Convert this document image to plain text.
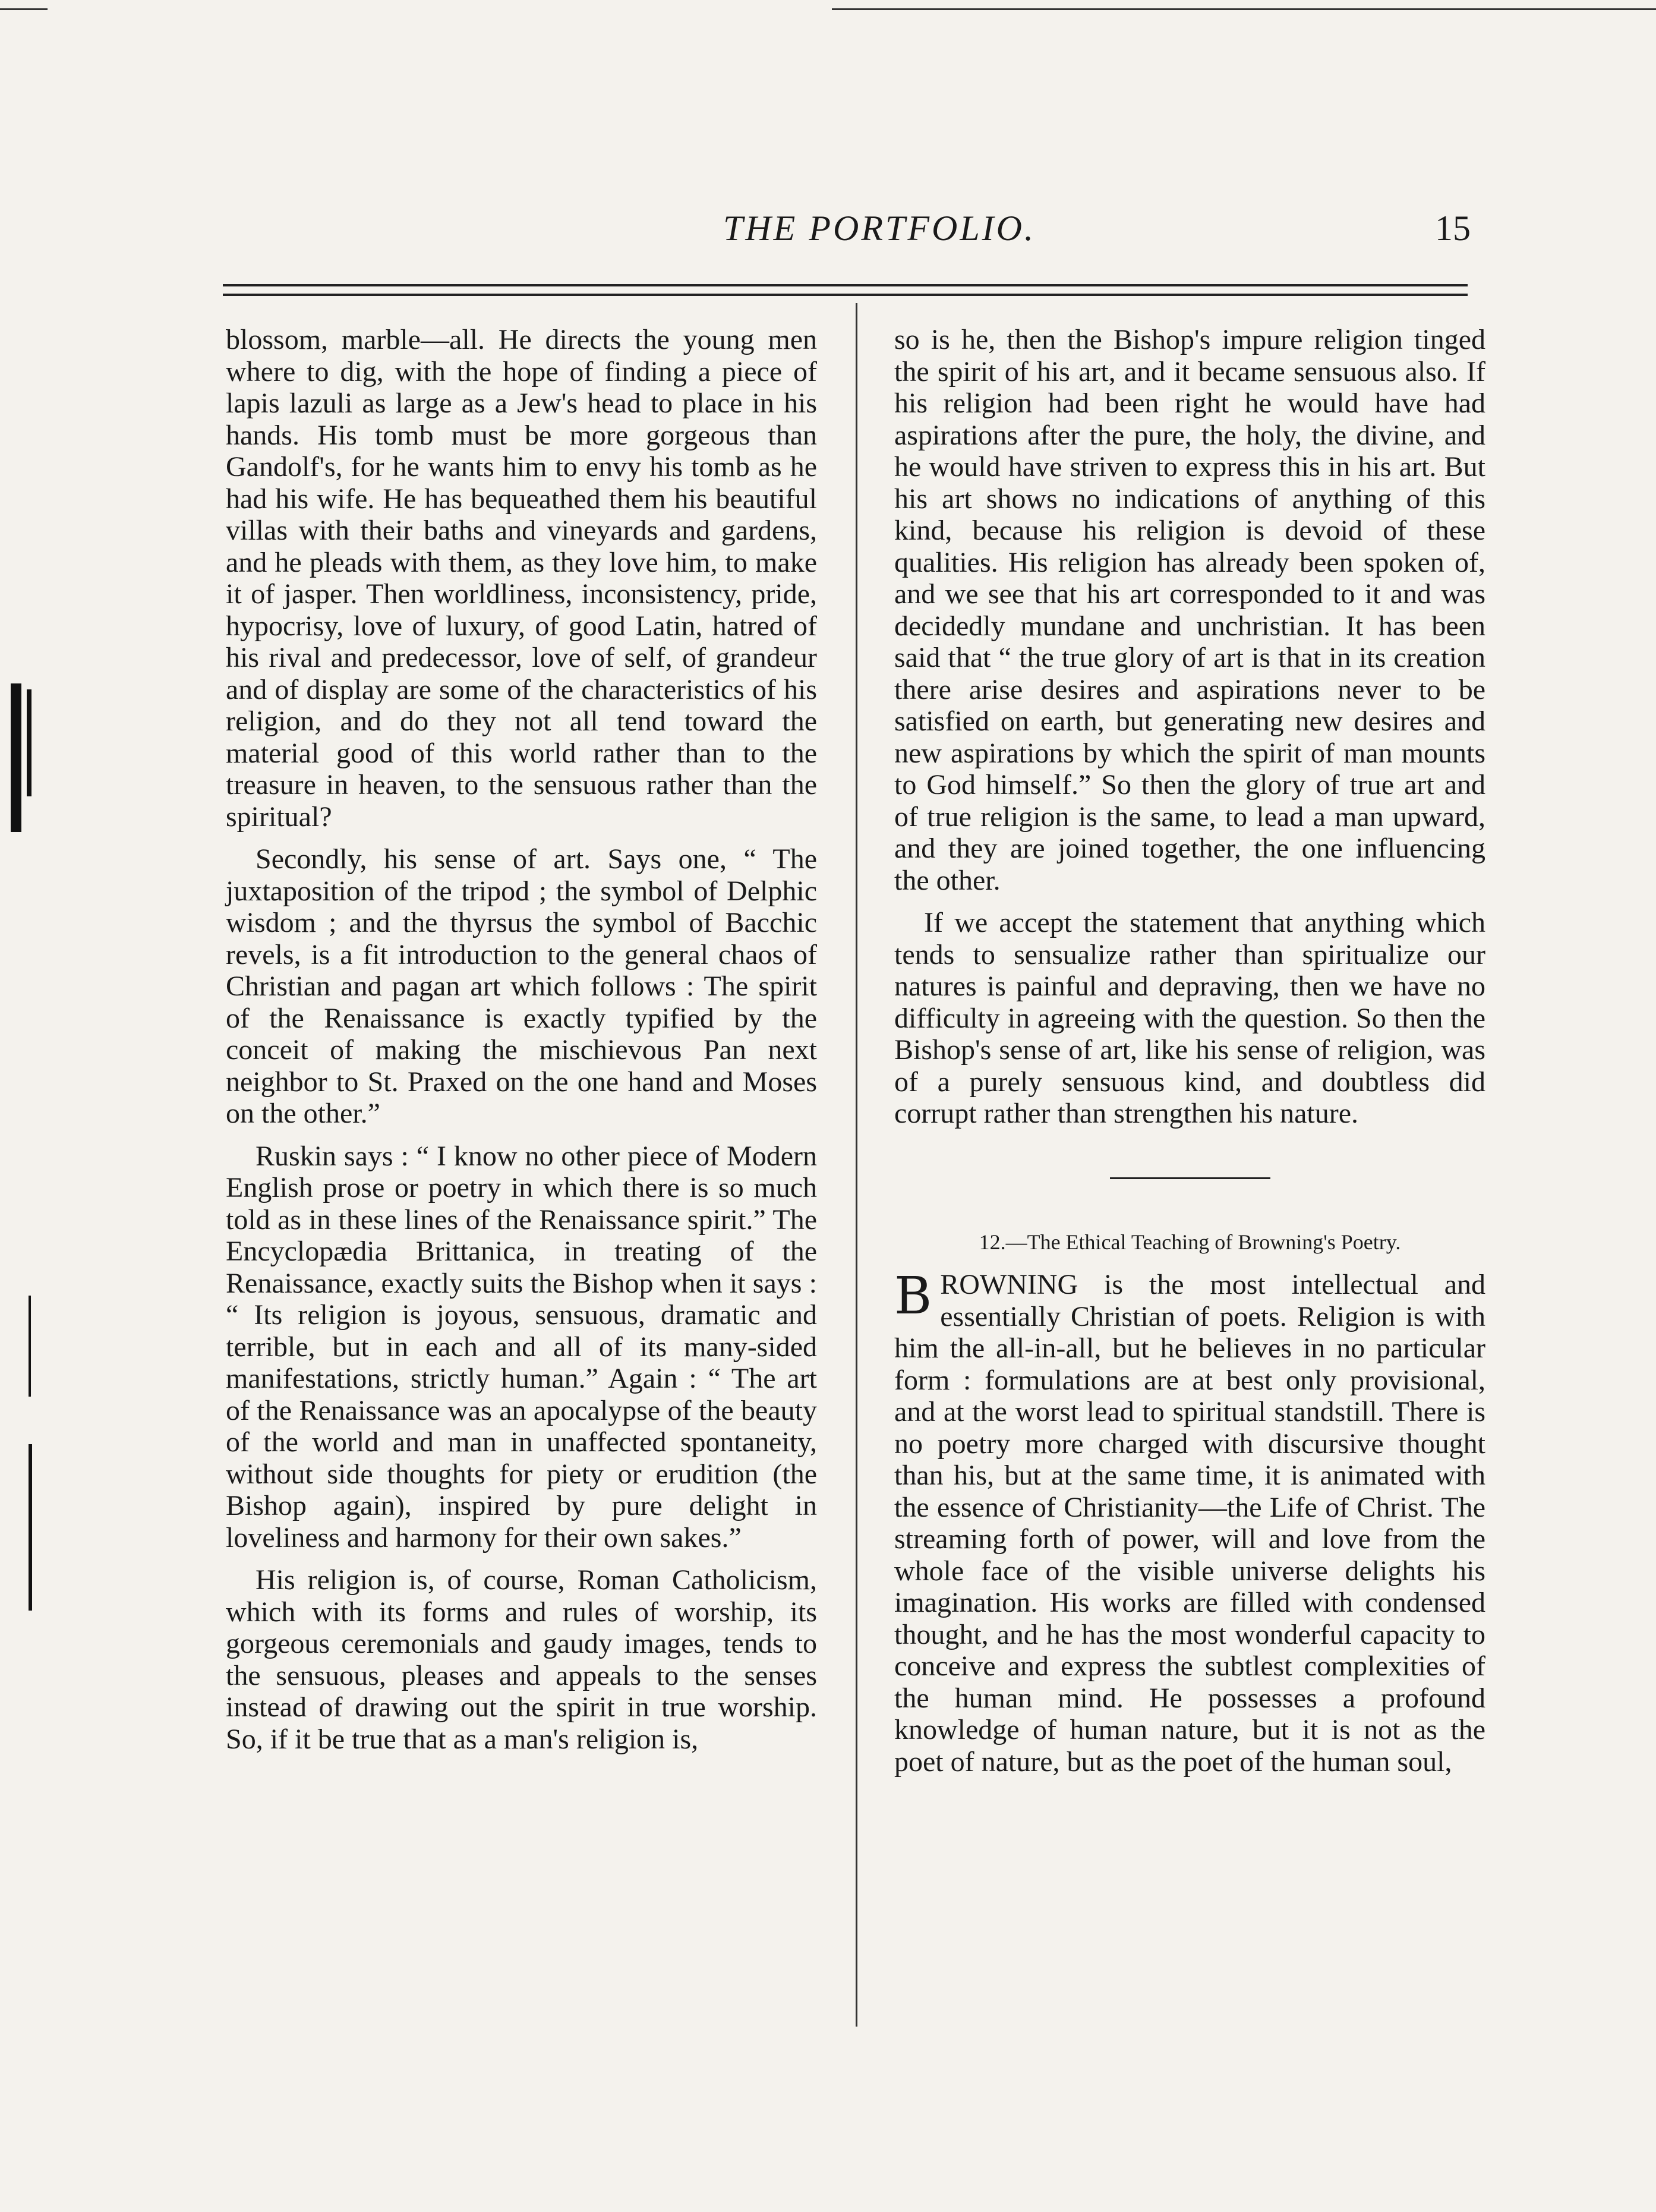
THE PORTFOLIO.	15

blossom, marble—all. He directs the young men where to dig, with the hope of finding a piece of lapis lazuli as large as a Jew's head to place in his hands. His tomb must be more gorgeous than Gandolf's, for he wants him to envy his tomb as he had his wife. He has bequeathed them his beautiful villas with their baths and vineyards and gardens, and he pleads with them, as they love him, to make it of jasper. Then worldliness, inconsistency, pride, hypocrisy, love of luxury, of good Latin, hatred of his rival and predecessor, love of self, of grandeur and of display are some of the characteristics of his religion, and do they not all tend toward the material good of this world rather than to the treasure in heaven, to the sensuous rather than the spiritual?

Secondly, his sense of art. Says one, “ The juxtaposition of the tripod ; the symbol of Delphic wisdom ; and the thyrsus the symbol of Bacchic revels, is a fit introduction to the general chaos of Christian and pagan art which follows : The spirit of the Renaissance is exactly typified by the conceit of making the mischievous Pan next neighbor to St. Praxed on the one hand and Moses on the other.”

Ruskin says : “ I know no other piece of Modern English prose or poetry in which there is so much told as in these lines of the Renaissance spirit.” The Encyclopædia Brittanica, in treating of the Renaissance, exactly suits the Bishop when it says : “ Its religion is joyous, sensuous, dramatic and terrible, but in each and all of its many-sided manifestations, strictly human.” Again : “ The art of the Renaissance was an apocalypse of the beauty of the world and man in unaffected spontaneity, without side thoughts for piety or erudition (the Bishop again), inspired by pure delight in loveliness and harmony for their own sakes.”

His religion is, of course, Roman Catholicism, which with its forms and rules of worship, its gorgeous ceremonials and gaudy images, tends to the sensuous, pleases and appeals to the senses instead of drawing out the spirit in true worship. So, if it be true that as a man's religion is,

so is he, then the Bishop's impure religion tinged the spirit of his art, and it became sensuous also. If his religion had been right he would have had aspirations after the pure, the holy, the divine, and he would have striven to express this in his art. But his art shows no indications of anything of this kind, because his religion is devoid of these qualities. His religion has already been spoken of, and we see that his art corresponded to it and was decidedly mundane and unchristian. It has been said that “ the true glory of art is that in its creation there arise desires and aspirations never to be satisfied on earth, but generating new desires and new aspirations by which the spirit of man mounts to God himself.” So then the glory of true art and of true religion is the same, to lead a man upward, and they are joined together, the one influencing the other.

If we accept the statement that anything which tends to sensualize rather than spiritualize our natures is painful and depraving, then we have no difficulty in agreeing with the question. So then the Bishop's sense of art, like his sense of religion, was of a purely sensuous kind, and doubtless did corrupt rather than strengthen his nature.

12.—The Ethical Teaching of Browning's Poetry.

BROWNING is the most intellectual and essentially Christian of poets. Religion is with him the all-in-all, but he believes in no particular form : formulations are at best only provisional, and at the worst lead to spiritual standstill. There is no poetry more charged with discursive thought than his, but at the same time, it is animated with the essence of Christianity—the Life of Christ. The streaming forth of power, will and love from the whole face of the visible universe delights his imagination. His works are filled with condensed thought, and he has the most wonderful capacity to conceive and express the subtlest complexities of the human mind. He possesses a profound knowledge of human nature, but it is not as the poet of nature, but as the poet of the human soul,
